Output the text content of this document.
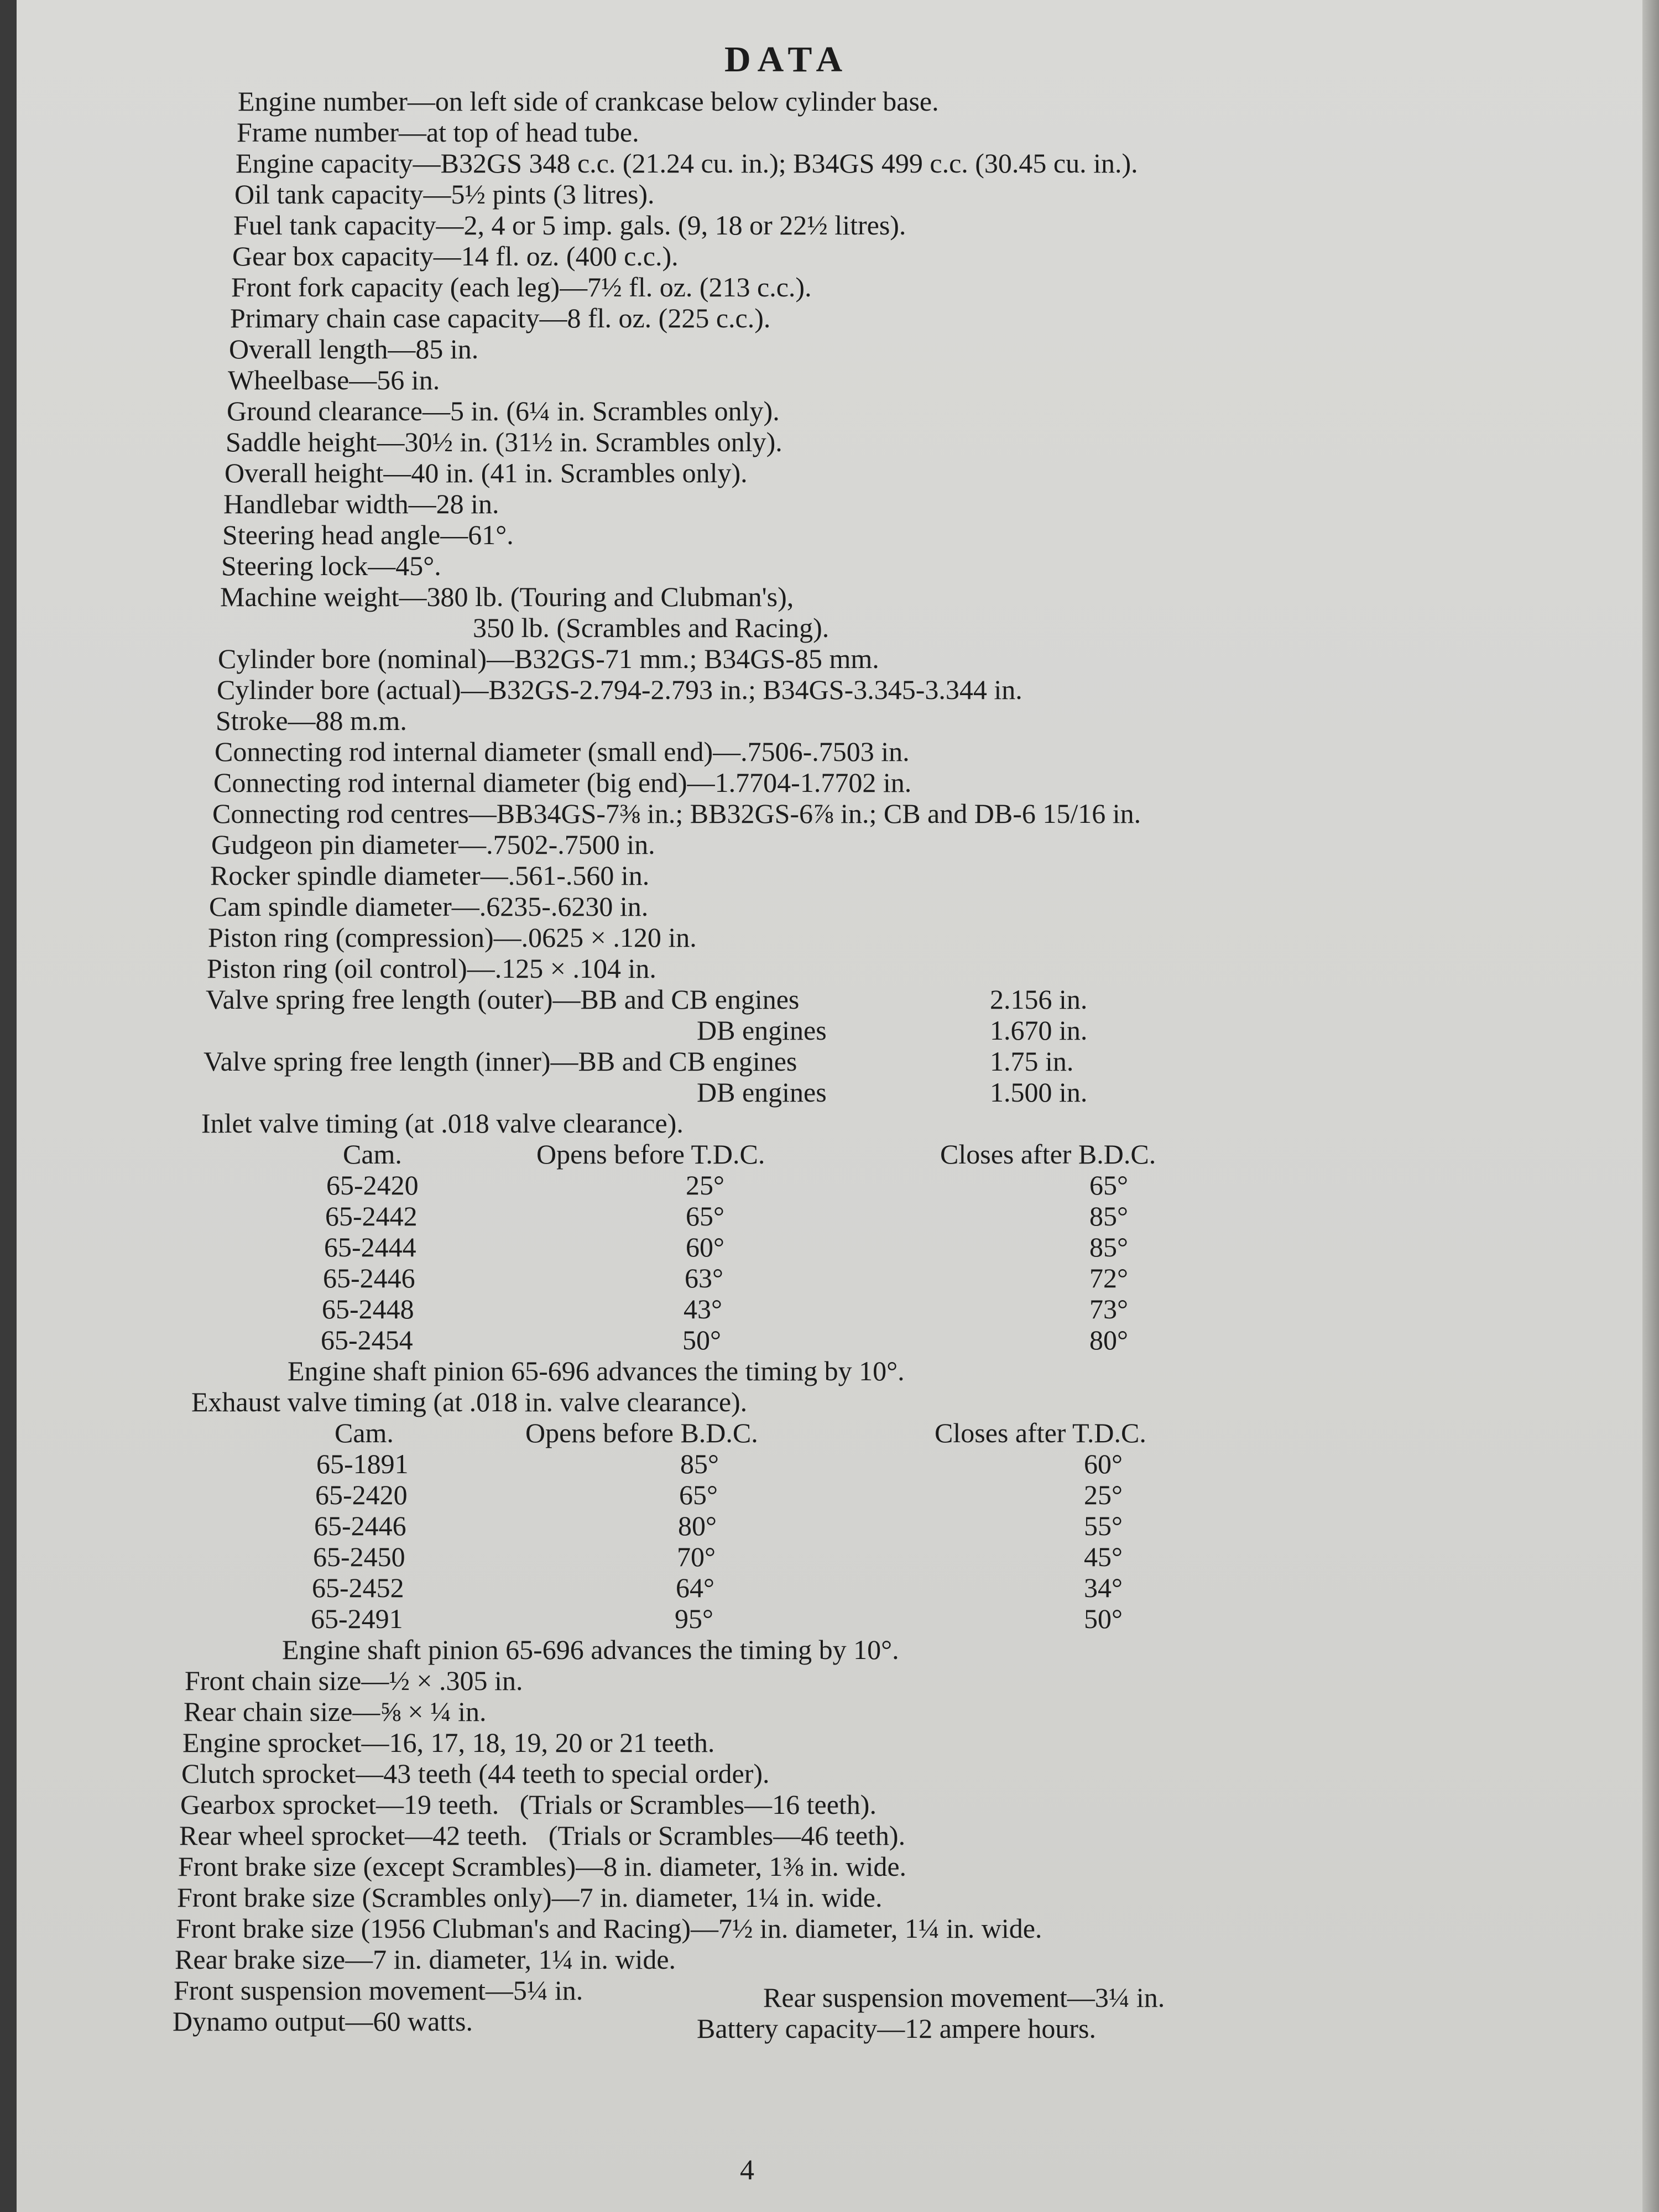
DATA
Engine number—on left side of crankcase below cylinder base.
Frame number—at top of head tube.
Engine capacity—B32GS 348 c.c. (21.24 cu. in.); B34GS 499 c.c. (30.45 cu. in.).
Oil tank capacity—5½ pints (3 litres).
Fuel tank capacity—2, 4 or 5 imp. gals. (9, 18 or 22½ litres).
Gear box capacity—14 fl. oz. (400 c.c.).
Front fork capacity (each leg)—7½ fl. oz. (213 c.c.).
Primary chain case capacity—8 fl. oz. (225 c.c.).
Overall length—85 in.
Wheelbase—56 in.
Ground clearance—5 in. (6¼ in. Scrambles only).
Saddle height—30½ in. (31½ in. Scrambles only).
Overall height—40 in. (41 in. Scrambles only).
Handlebar width—28 in.
Steering head angle—61°.
Steering lock—45°.
Machine weight—380 lb. (Touring and Clubman's),
350 lb. (Scrambles and Racing).
Cylinder bore (nominal)—B32GS-71 mm.; B34GS-85 mm.
Cylinder bore (actual)—B32GS-2.794-2.793 in.; B34GS-3.345-3.344 in.
Stroke—88 m.m.
Connecting rod internal diameter (small end)—.7506-.7503 in.
Connecting rod internal diameter (big end)—1.7704-1.7702 in.
Connecting rod centres—BB34GS-7⅜ in.; BB32GS-6⅞ in.; CB and DB-6 15/16 in.
Gudgeon pin diameter—.7502-.7500 in.
Rocker spindle diameter—.561-.560 in.
Cam spindle diameter—.6235-.6230 in.
Piston ring (compression)—.0625 × .120 in.
Piston ring (oil control)—.125 × .104 in.
Valve spring free length (outer)—BB and CB engines	2.156 in.
DB engines	1.670 in.
Valve spring free length (inner)—BB and CB engines	1.75 in.
DB engines	1.500 in.
Inlet valve timing (at .018 valve clearance).
Cam.	Opens before T.D.C.	Closes after B.D.C.
65-2420	25°	65°
65-2442	65°	85°
65-2444	60°	85°
65-2446	63°	72°
65-2448	43°	73°
65-2454	50°	80°
Engine shaft pinion 65-696 advances the timing by 10°.
Exhaust valve timing (at .018 in. valve clearance).
Cam.	Opens before B.D.C.	Closes after T.D.C.
65-1891	85°	60°
65-2420	65°	25°
65-2446	80°	55°
65-2450	70°	45°
65-2452	64°	34°
65-2491	95°	50°
Engine shaft pinion 65-696 advances the timing by 10°.
Front chain size—½ × .305 in.
Rear chain size—⅝ × ¼ in.
Engine sprocket—16, 17, 18, 19, 20 or 21 teeth.
Clutch sprocket—43 teeth (44 teeth to special order).
Gearbox sprocket—19 teeth.   (Trials or Scrambles—16 teeth).
Rear wheel sprocket—42 teeth.   (Trials or Scrambles—46 teeth).
Front brake size (except Scrambles)—8 in. diameter, 1⅜ in. wide.
Front brake size (Scrambles only)—7 in. diameter, 1¼ in. wide.
Front brake size (1956 Clubman's and Racing)—7½ in. diameter, 1¼ in. wide.
Rear brake size—7 in. diameter, 1¼ in. wide.
Front suspension movement—5¼ in.	Rear suspension movement—3¼ in.
Dynamo output—60 watts.	Battery capacity—12 ampere hours.
4
